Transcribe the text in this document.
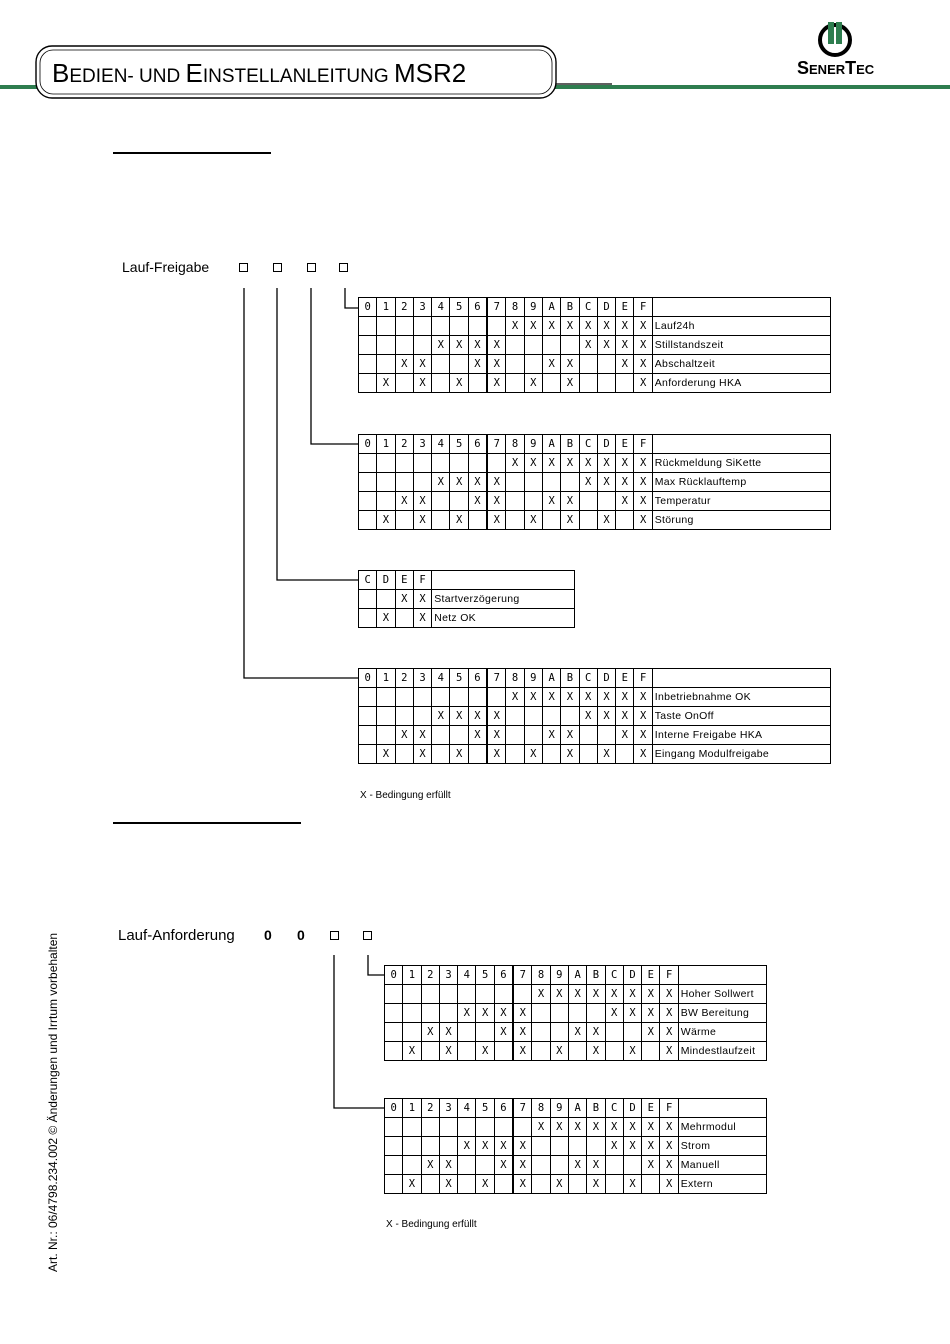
BEDIEN- UND EINSTELLANLEITUNG MSR2	SENERTEC
Lauf-Freigabe
0	1	2	3	4	5	6	7	8	9	A	B	C	D	E	F	
								X	X	X	X	X	X	X	X	Lauf24h
				X	X	X	X					X	X	X	X	Stillstandszeit
		X	X			X	X			X	X			X	X	Abschaltzeit
	X		X		X		X		X		X				X	Anforderung HKA
0	1	2	3	4	5	6	7	8	9	A	B	C	D	E	F	
								X	X	X	X	X	X	X	X	Rückmeldung SiKette
				X	X	X	X					X	X	X	X	Max Rücklauftemp
		X	X			X	X			X	X			X	X	Temperatur
	X		X		X		X		X		X		X		X	Störung
C	D	E	F	
		X	X	Startverzögerung
	X		X	Netz OK
0	1	2	3	4	5	6	7	8	9	A	B	C	D	E	F	
								X	X	X	X	X	X	X	X	Inbetriebnahme OK
				X	X	X	X					X	X	X	X	Taste OnOff
		X	X			X	X			X	X			X	X	Interne Freigabe HKA
	X		X		X		X		X		X		X		X	Eingang Modulfreigabe
X - Bedingung erfüllt
Lauf-Anforderung 0 0
0	1	2	3	4	5	6	7	8	9	A	B	C	D	E	F	
								X	X	X	X	X	X	X	X	Hoher Sollwert
				X	X	X	X					X	X	X	X	BW Bereitung
		X	X			X	X			X	X			X	X	Wärme
	X		X		X		X		X		X		X		X	Mindestlaufzeit
0	1	2	3	4	5	6	7	8	9	A	B	C	D	E	F	
								X	X	X	X	X	X	X	X	Mehrmodul
				X	X	X	X					X	X	X	X	Strom
		X	X			X	X			X	X			X	X	Manuell
	X		X		X		X		X		X		X		X	Extern
X - Bedingung erfüllt
Art. Nr.: 06/4798.234.002 © Änderungen und Irrtum vorbehalten
